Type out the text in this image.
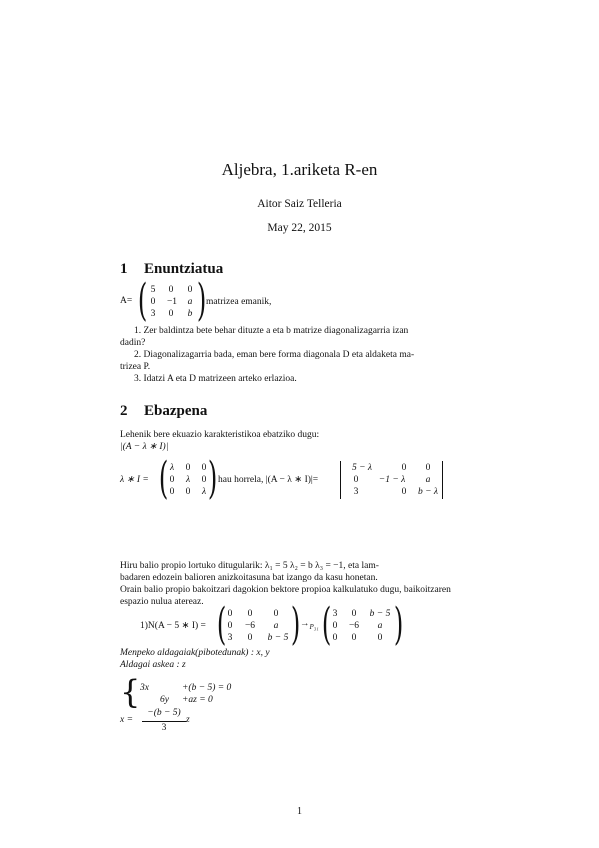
Aljebra, 1.ariketa R-en
Aitor Saiz Telleria
May 22, 2015
1 Enuntziatua
A= ( 5	0	0
0	−1	a
3	0	b ) matrizea emanik,
1. Zer baldintza bete behar dituzte a eta b matrize diagonalizagarria izan
dadin?
2. Diagonalizagarria bada, eman bere forma diagonala D eta aldaketa ma-
trizea P.
3. Idatzi A eta D matrizeen arteko erlazioa.
2 Ebazpena
Lehenik bere ekuazio karakteristikoa ebatziko dugu:
|(A − λ ∗ I)|
λ ∗ I = ( λ	0	0
0	λ	0
0	0	λ ) hau horrela, |(A − λ ∗ I)|=
5 − λ	0	0
0	−1 − λ	a
3	0	b − λ
Hiru balio propio lortuko ditugularik: λ₁ = 5 λ₂ = b λ₃ = −1, eta lam-
badaren edozein balioren anizkoitasuna bat izango da kasu honetan.
Orain balio propio bakoitzari dagokion bektore propioa kalkulatuko dugu, baikoitzaren
espazio nulua atereaz.
1)N(A − 5 ∗ I) = ( 0	0	0
0	−6	a
3	0	b − 5 ) $\to_{P_{31}}$ ( 3	0	b − 5
0	−6	a
0	0	0 )
Menpeko aldagaiak(pibotedunak) : x, y
Aldagai askea : z
{ 3x	+(b − 5) = 0
6y +az = 0
x =
−(b − 5)
3
z
1
